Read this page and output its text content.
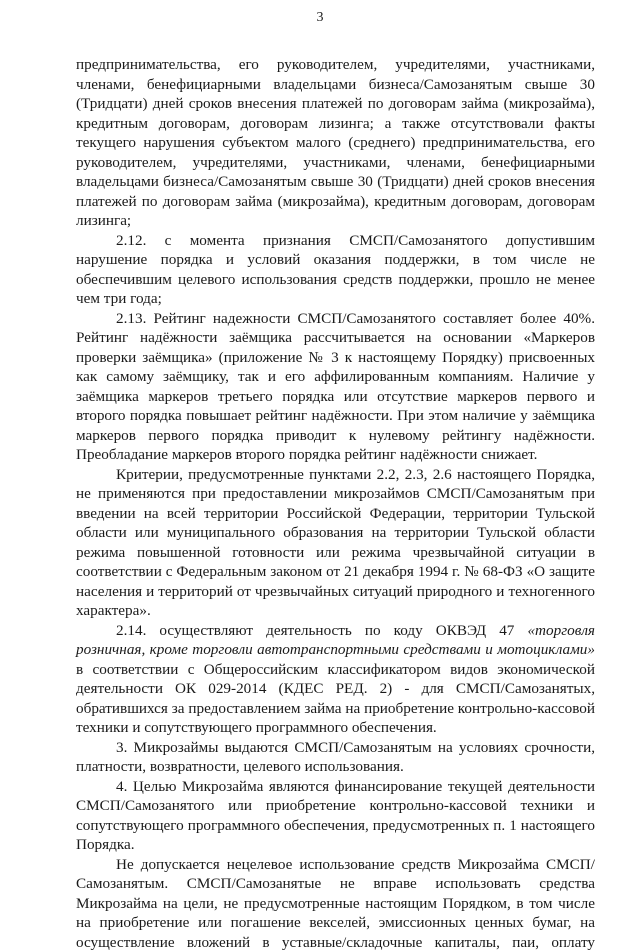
3

предпринимательства, его руководителем, учредителями, участниками, членами, бенефициарными владельцами бизнеса/Самозанятым свыше 30 (Тридцати) дней сроков внесения платежей по договорам займа (микрозайма), кредитным договорам, договорам лизинга; а также отсутствовали факты текущего нарушения субъектом малого (среднего) предпринимательства, его руководителем, учредителями, участниками, членами, бенефициарными владельцами бизнеса/Самозанятым свыше 30 (Тридцати) дней сроков внесения платежей по договорам займа (микрозайма), кредитным договорам, договорам лизинга;

2.12. с момента признания СМСП/Самозанятого допустившим нарушение порядка и условий оказания поддержки, в том числе не обеспечившим целевого использования средств поддержки, прошло не менее чем три года;

2.13. Рейтинг надежности СМСП/Самозанятого составляет более 40%. Рейтинг надёжности заёмщика рассчитывается на основании «Маркеров проверки заёмщика» (приложение № 3 к настоящему Порядку) присвоенных как самому заёмщику, так и его аффилированным компаниям. Наличие у заёмщика маркеров третьего порядка или отсутствие маркеров первого и второго порядка повышает рейтинг надёжности. При этом наличие у заёмщика маркеров первого порядка приводит к нулевому рейтингу надёжности. Преобладание маркеров второго порядка рейтинг надёжности снижает.

Критерии, предусмотренные пунктами 2.2, 2.3, 2.6 настоящего Порядка, не применяются при предоставлении микрозаймов СМСП/Самозанятым при введении на всей территории Российской Федерации, территории Тульской области или муниципального образования на территории Тульской области режима повышенной готовности или режима чрезвычайной ситуации в соответствии с Федеральным законом от 21 декабря 1994 г. № 68-ФЗ «О защите населения и территорий от чрезвычайных ситуаций природного и техногенного характера».

2.14. осуществляют деятельность по коду ОКВЭД 47 «торговля розничная, кроме торговли автотранспортными средствами и мотоциклами» в соответствии с Общероссийским классификатором видов экономической деятельности ОК 029-2014 (КДЕС РЕД. 2) - для СМСП/Самозанятых, обратившихся за предоставлением займа на приобретение контрольно-кассовой техники и сопутствующего программного обеспечения.

3. Микрозаймы выдаются СМСП/Самозанятым на условиях срочности, платности, возвратности, целевого использования.

4. Целью Микрозайма являются финансирование текущей деятельности СМСП/Самозанятого или приобретение контрольно-кассовой техники и сопутствующего программного обеспечения, предусмотренных п. 1 настоящего Порядка.

Не допускается нецелевое использование средств Микрозайма СМСП/Самозанятым. СМСП/Самозанятые не вправе использовать средства Микрозайма на цели, не предусмотренные настоящим Порядком, в том числе на приобретение или погашение векселей, эмиссионных ценных бумаг, на осуществление вложений в уставные/складочные капиталы, паи, оплату
